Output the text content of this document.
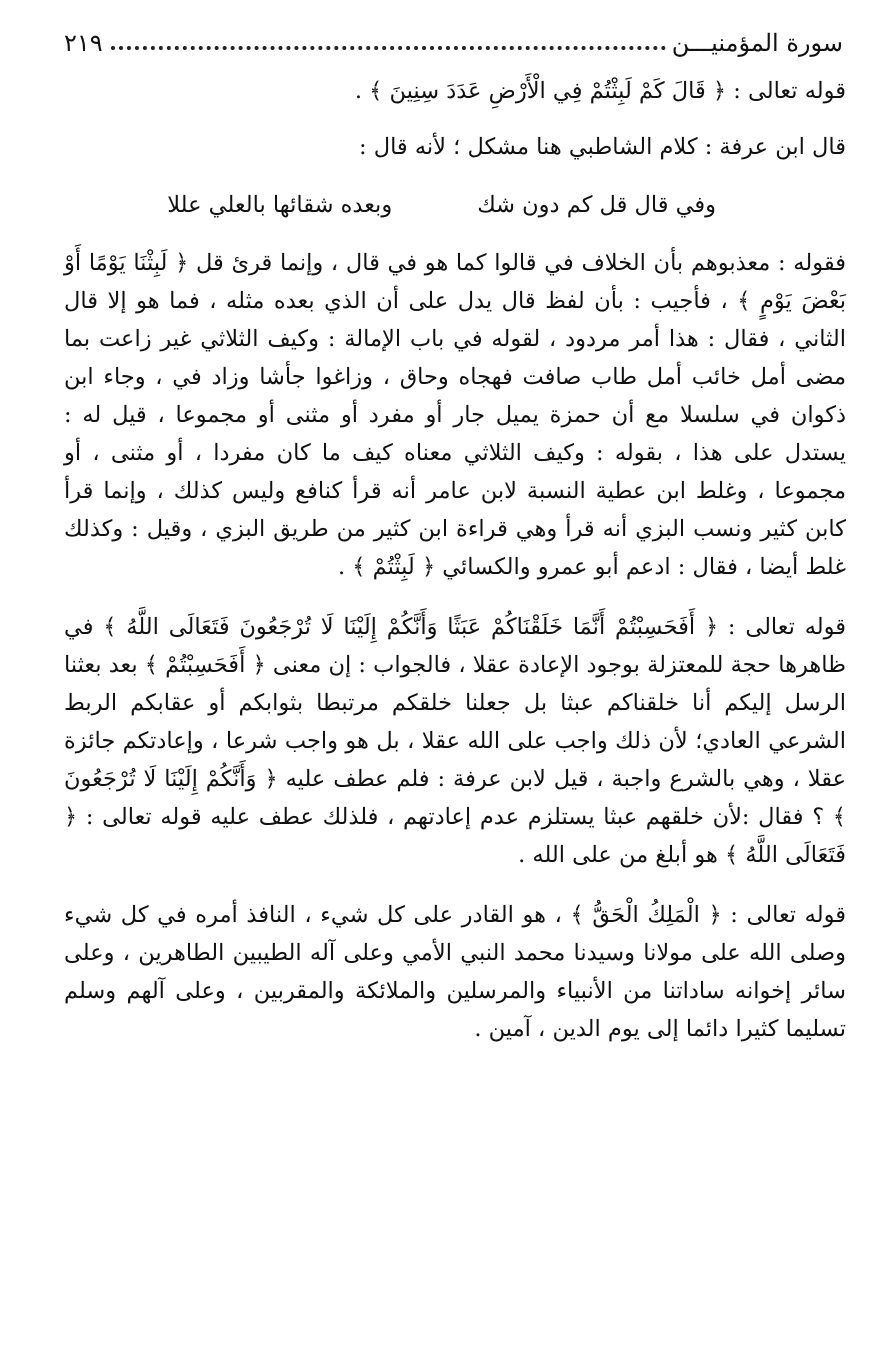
سورة المؤمنيـــن
٢١٩

قوله تعالى : ﴿ قَالَ كَمْ لَبِثْتُمْ فِي الْأَرْضِ عَدَدَ سِنِينَ ﴾ .

قال ابن عرفة : كلام الشاطبي هنا مشكل ؛ لأنه قال :

وفي قال قل كم دون شك
وبعده شقائها بالعلي عللا

فقوله : معذبوهم بأن الخلاف في قالوا كما هو في قال ، وإنما قرئ قل ﴿ لَبِثْنَا يَوْمًا أَوْ بَعْضَ يَوْمٍ ﴾ ، فأجيب : بأن لفظ قال يدل على أن الذي بعده مثله ، فما هو إلا قال الثاني ، فقال : هذا أمر مردود ، لقوله في باب الإمالة : وكيف الثلاثي غير زاعت بما مضى أمل خائب أمل طاب صافت فهجاه وحاق ، وزاغوا جأشا وزاد في ، وجاء ابن ذكوان في سلسلا مع أن حمزة يميل جار أو مفرد أو مثنى أو مجموعا ، قيل له : يستدل على هذا ، بقوله : وكيف الثلاثي معناه كيف ما كان مفردا ، أو مثنى ، أو مجموعا ، وغلط ابن عطية النسبة لابن عامر أنه قرأ كنافع وليس كذلك ، وإنما قرأ كابن كثير ونسب البزي أنه قرأ وهي قراءة ابن كثير من طريق البزي ، وقيل : وكذلك غلط أيضا ، فقال : ادعم أبو عمرو والكسائي ﴿ لَبِثْتُمْ ﴾ .

قوله تعالى : ﴿ أَفَحَسِبْتُمْ أَنَّمَا خَلَقْنَاكُمْ عَبَثًا وَأَنَّكُمْ إِلَيْنَا لَا تُرْجَعُونَ فَتَعَالَى اللَّهُ ﴾ في ظاهرها حجة للمعتزلة بوجود الإعادة عقلا ، فالجواب : إن معنى ﴿ أَفَحَسِبْتُمْ ﴾ بعد بعثنا الرسل إليكم أنا خلقناكم عبثا بل جعلنا خلقكم مرتبطا بثوابكم أو عقابكم الربط الشرعي العادي؛ لأن ذلك واجب على الله عقلا ، بل هو واجب شرعا ، وإعادتكم جائزة عقلا ، وهي بالشرع واجبة ، قيل لابن عرفة : فلم عطف عليه ﴿ وَأَنَّكُمْ إِلَيْنَا لَا تُرْجَعُونَ ﴾ ؟ فقال :لأن خلقهم عبثا يستلزم عدم إعادتهم ، فلذلك عطف عليه قوله تعالى : ﴿ فَتَعَالَى اللَّهُ ﴾ هو أبلغ من على الله .

قوله تعالى : ﴿ الْمَلِكُ الْحَقُّ ﴾ ، هو القادر على كل شيء ، النافذ أمره في كل شيء وصلى الله على مولانا وسيدنا محمد النبي الأمي وعلى آله الطيبين الطاهرين ، وعلى سائر إخوانه ساداتنا من الأنبياء والمرسلين والملائكة والمقربين ، وعلى آلهم وسلم تسليما كثيرا دائما إلى يوم الدين ، آمين .
